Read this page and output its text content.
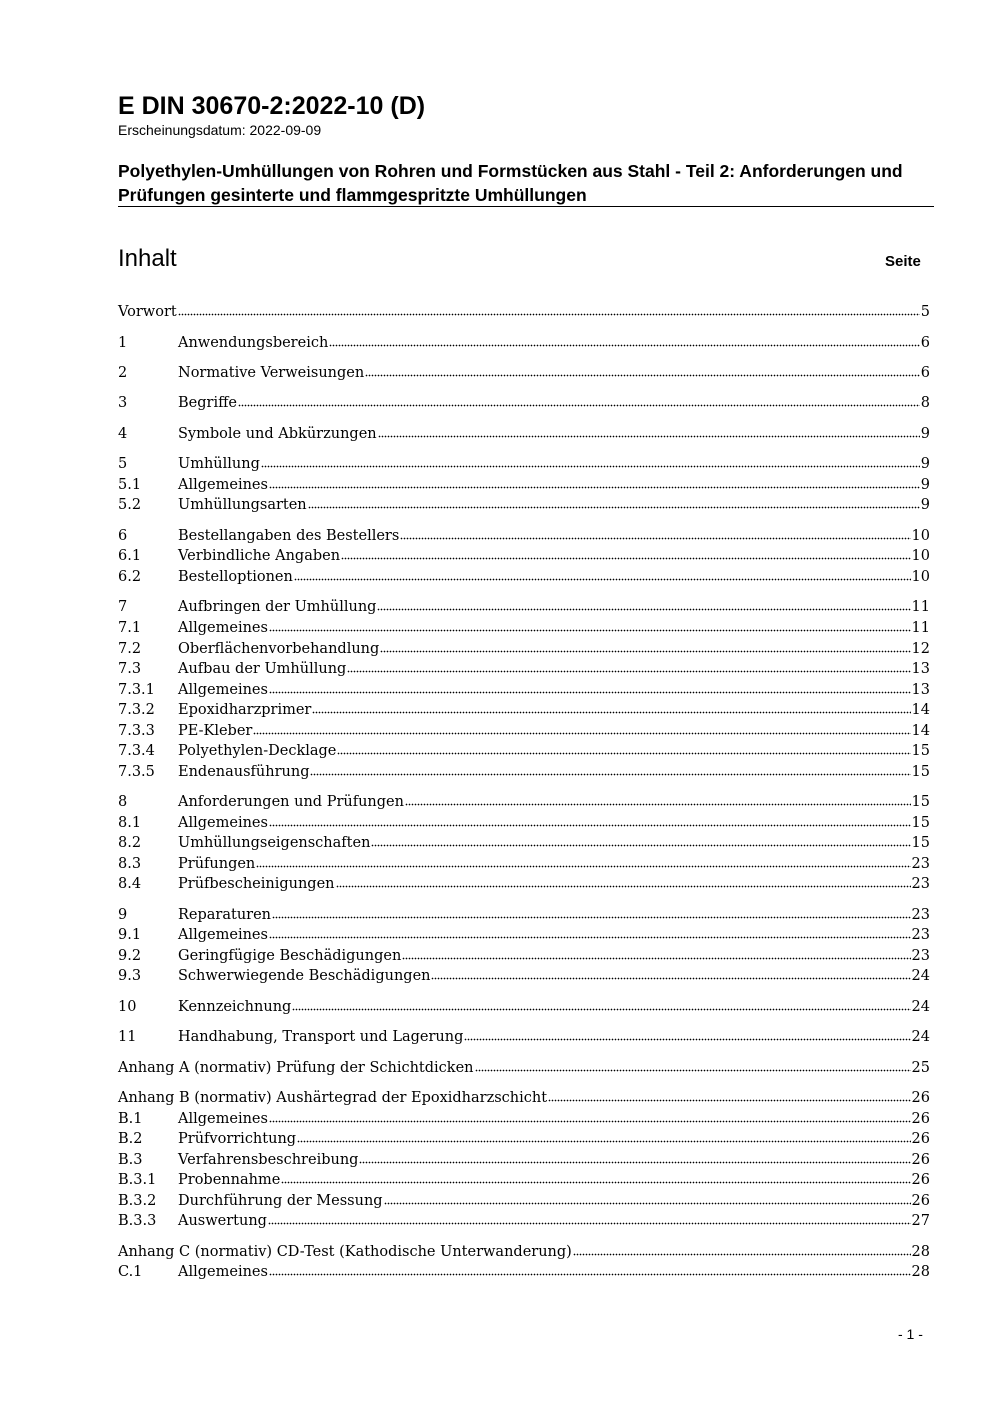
E DIN 30670-2:2022-10 (D)
Erscheinungsdatum: 2022-09-09
Polyethylen-Umhüllungen von Rohren und Formstücken aus Stahl - Teil 2: Anforderungen und Prüfungen gesinterte und flammgespritzte Umhüllungen
Inhalt	Seite
Vorwort	5
1	Anwendungsbereich	6
2	Normative Verweisungen	6
3	Begriffe	8
4	Symbole und Abkürzungen	9
5	Umhüllung	9
5.1	Allgemeines	9
5.2	Umhüllungsarten	9
6	Bestellangaben des Bestellers	10
6.1	Verbindliche Angaben	10
6.2	Bestelloptionen	10
7	Aufbringen der Umhüllung	11
7.1	Allgemeines	11
7.2	Oberflächenvorbehandlung	12
7.3	Aufbau der Umhüllung	13
7.3.1	Allgemeines	13
7.3.2	Epoxidharzprimer	14
7.3.3	PE-Kleber	14
7.3.4	Polyethylen-Decklage	15
7.3.5	Endenausführung	15
8	Anforderungen und Prüfungen	15
8.1	Allgemeines	15
8.2	Umhüllungseigenschaften	15
8.3	Prüfungen	23
8.4	Prüfbescheinigungen	23
9	Reparaturen	23
9.1	Allgemeines	23
9.2	Geringfügige Beschädigungen	23
9.3	Schwerwiegende Beschädigungen	24
10	Kennzeichnung	24
11	Handhabung, Transport und Lagerung	24
Anhang A (normativ) Prüfung der Schichtdicken	25
Anhang B (normativ) Aushärtegrad der Epoxidharzschicht	26
B.1	Allgemeines	26
B.2	Prüfvorrichtung	26
B.3	Verfahrensbeschreibung	26
B.3.1	Probennahme	26
B.3.2	Durchführung der Messung	26
B.3.3	Auswertung	27
Anhang C (normativ) CD-Test (Kathodische Unterwanderung)	28
C.1	Allgemeines	28
- 1 -
